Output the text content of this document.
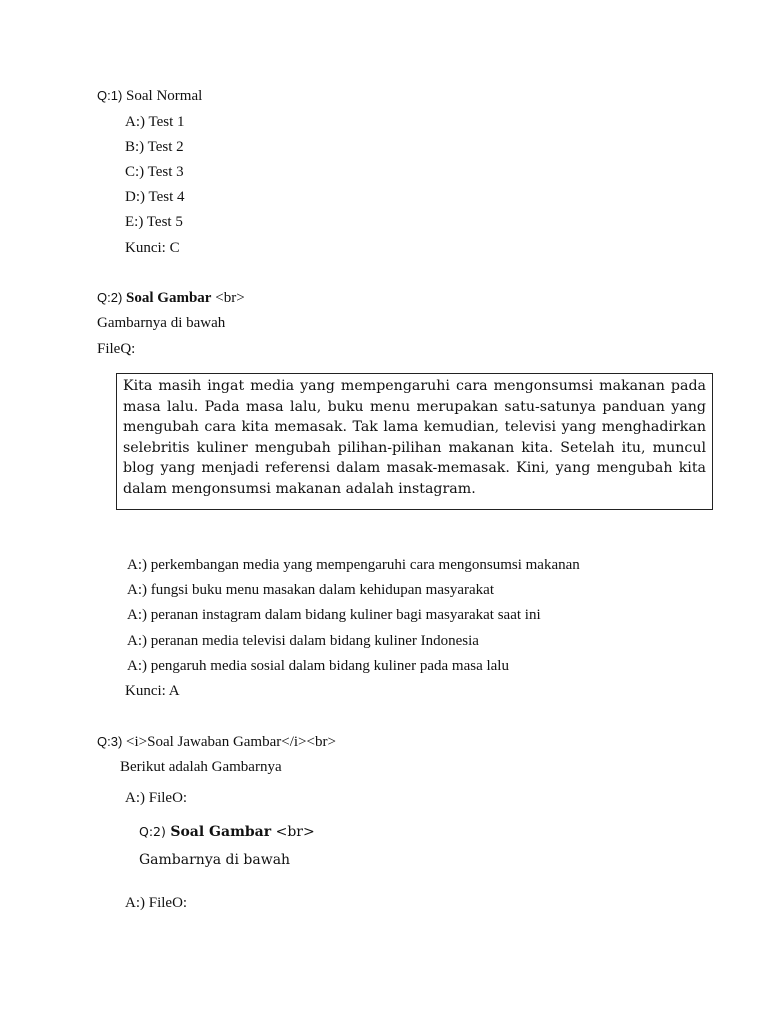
Q:1) Soal Normal
A:) Test 1
B:) Test 2
C:) Test 3
D:) Test 4
E:) Test 5
Kunci: C
Q:2) Soal Gambar <br>
Gambarnya di bawah
FileQ:

Kita masih ingat media yang mempengaruhi cara mengonsumsi makanan pada masa lalu. Pada masa lalu, buku menu merupakan satu-satunya panduan yang mengubah cara kita memasak. Tak lama kemudian, televisi yang menghadirkan selebritis kuliner mengubah pilihan-pilihan makanan kita. Setelah itu, muncul blog yang menjadi referensi dalam masak-memasak. Kini, yang mengubah kita dalam mengonsumsi makanan adalah instagram.

A:) perkembangan media yang mempengaruhi cara mengonsumsi makanan
A:) fungsi buku menu masakan dalam kehidupan masyarakat
A:) peranan instagram dalam bidang kuliner bagi masyarakat saat ini
A:) peranan media televisi dalam bidang kuliner Indonesia
A:) pengaruh media sosial dalam bidang kuliner pada masa lalu
Kunci: A
Q:3) <i>Soal Jawaban Gambar</i><br>
Berikut adalah Gambarnya
A:) FileO:
Q:2) Soal Gambar <br>
Gambarnya di bawah
A:) FileO:
